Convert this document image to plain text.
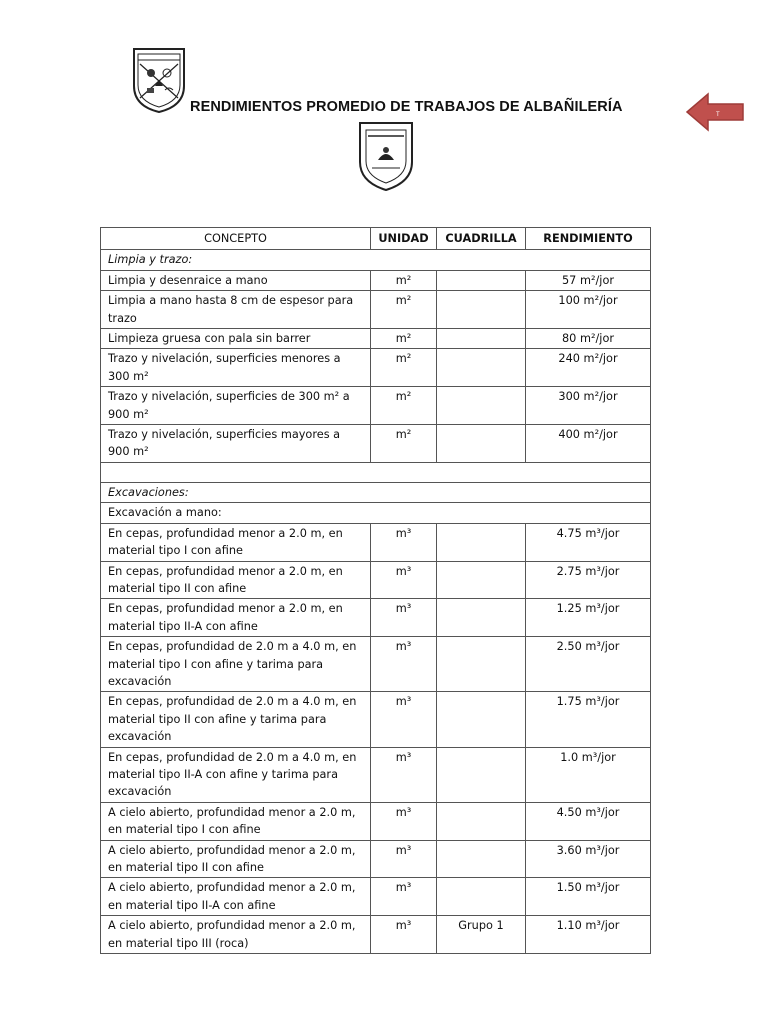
RENDIMIENTOS PROMEDIO DE TRABAJOS DE ALBAÑILERÍA	T
CONCEPTO	UNIDAD	CUADRILLA	RENDIMIENTO
Limpia y trazo:			
Limpia y desenraice a mano	m²		57 m²/jor
Limpia a mano hasta 8 cm de espesor para trazo	m²		100 m²/jor
Limpieza gruesa con pala sin barrer	m²		80 m²/jor
Trazo y nivelación, superficies menores a 300 m²	m²		240 m²/jor
Trazo y nivelación, superficies de 300 m² a 900 m²	m²		300 m²/jor
Trazo y nivelación, superficies mayores a 900 m²	m²		400 m²/jor

Excavaciones:			
Excavación a mano:			
En cepas, profundidad menor a 2.0 m, en material tipo I con afine	m³		4.75 m³/jor
En cepas, profundidad menor a 2.0 m, en material tipo II con afine	m³		2.75 m³/jor
En cepas, profundidad menor a 2.0 m, en material tipo II-A con afine	m³		1.25 m³/jor
En cepas, profundidad de 2.0 m a 4.0 m, en material tipo I con afine y tarima para excavación	m³		2.50 m³/jor
En cepas, profundidad de 2.0 m a 4.0 m, en material tipo II con afine y tarima para excavación	m³		1.75 m³/jor
En cepas, profundidad de 2.0 m a 4.0 m, en material tipo II-A con afine y tarima para excavación	m³		1.0 m³/jor
A cielo abierto, profundidad menor a 2.0 m, en material tipo I con afine	m³		4.50 m³/jor
A cielo abierto, profundidad menor a 2.0 m, en material tipo II con afine	m³		3.60 m³/jor
A cielo abierto, profundidad menor a 2.0 m, en material tipo II-A con afine	m³		1.50 m³/jor
A cielo abierto, profundidad menor a 2.0 m, en material tipo III (roca)	m³	Grupo 1	1.10 m³/jor
